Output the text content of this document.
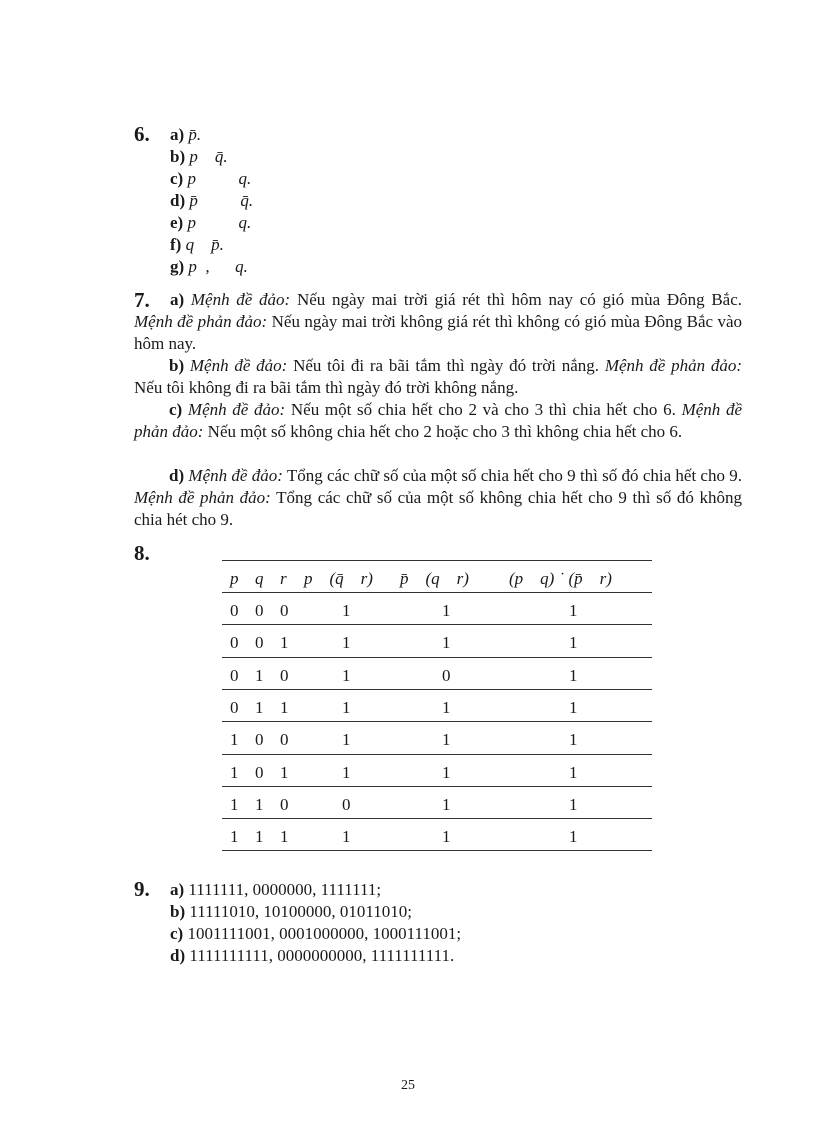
6. a) p̄.
b) p    q̄.
c) p          q.
d) p̄          q̄.
e) p          q.
f) q    p̄.
g) p  ,      q.
7.	a) Mệnh đề đảo: Nếu ngày mai trời giá rét thì hôm nay có gió mùa Đông Bắc. Mệnh đề phản đảo: Nếu ngày mai trời không giá rét thì không có gió mùa Đông Bắc vào hôm nay.
b) Mệnh đề đảo: Nếu tôi đi ra bãi tắm thì ngày đó trời nắng. Mệnh đề phản đảo: Nếu tôi không đi ra bãi tắm thì ngày đó trời không nắng.
c) Mệnh đề đảo: Nếu một số chia hết cho 2 và cho 3 thì chia hết cho 6. Mệnh đề phản đảo: Nếu một số không chia hết cho 2 hoặc cho 3 thì không chia hết cho 6.
d) Mệnh đề đảo: Tổng các chữ số của một số chia hết cho 9 thì số đó chia hết cho 9. Mệnh đề phản đảo: Tổng các chữ số của một số không chia hết cho 9 thì số đó không chia hét cho 9.
8.
p q r p    (q̄    r) p̄    (q    r) (p    q) ˙ (p̄    r)
0 0 0	1	1	1
0 0 1	1	1	1
0 1 0	1	0	1
0 1 1	1	1	1
1 0 0	1	1	1
1 0 1	1	1	1
1 1 0	0	1	1
1 1 1	1	1	1
9. a) 1111111, 0000000, 1111111;
b) 11111010, 10100000, 01011010;
c) 1001111001, 0001000000, 1000111001;
d) 1111111111, 0000000000, 1111111111.
25
